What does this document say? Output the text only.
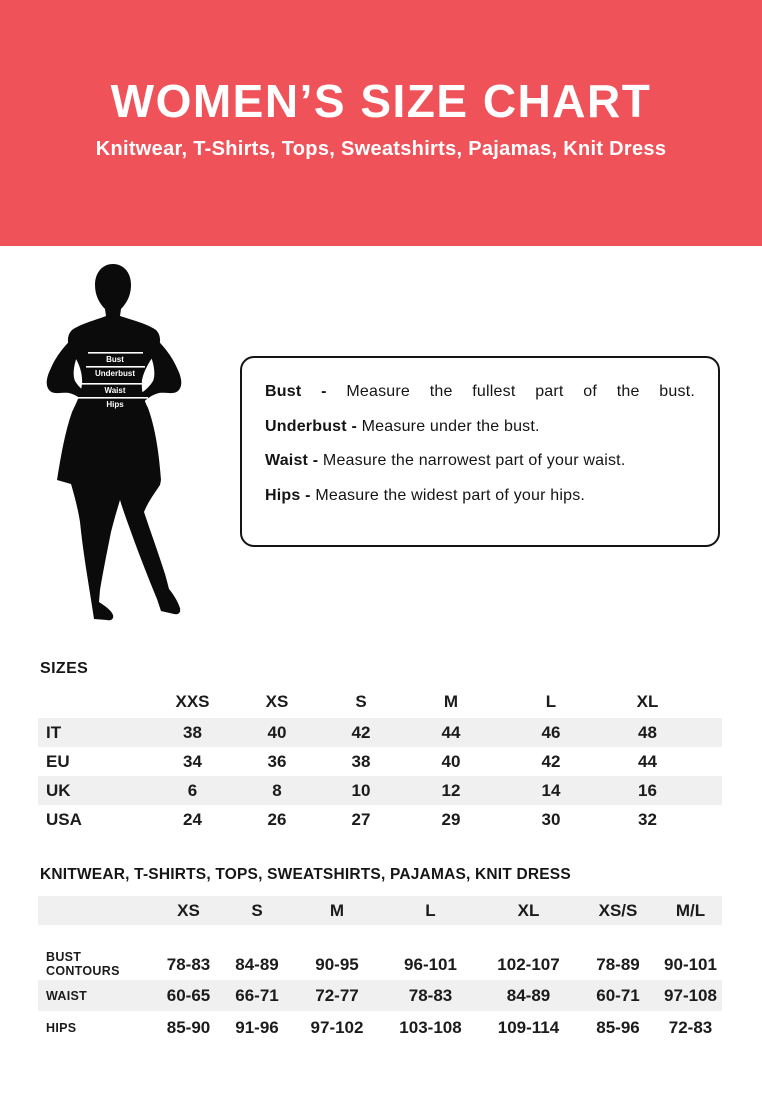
WOMEN’S SIZE CHART
Knitwear, T-Shirts, Tops, Sweatshirts, Pajamas, Knit Dress
Bust
Underbust
Waist
Hips
Bust - Measure the fullest part of the bust.
Underbust - Measure under the bust.
Waist - Measure the narrowest part of your waist.
Hips - Measure the widest part of your hips.
SIZES
	XXS	XS	S	M	L	XL
IT	38	40	42	44	46	48
EU	34	36	38	40	42	44
UK	6	8	10	12	14	16
USA	24	26	27	29	30	32
KNITWEAR, T-SHIRTS, TOPS, SWEATSHIRTS, PAJAMAS, KNIT DRESS
	XS	S	M	L	XL	XS/S	M/L
BUST CONTOURS	78-83	84-89	90-95	96-101	102-107	78-89	90-101
WAIST	60-65	66-71	72-77	78-83	84-89	60-71	97-108
HIPS	85-90	91-96	97-102	103-108	109-114	85-96	72-83
